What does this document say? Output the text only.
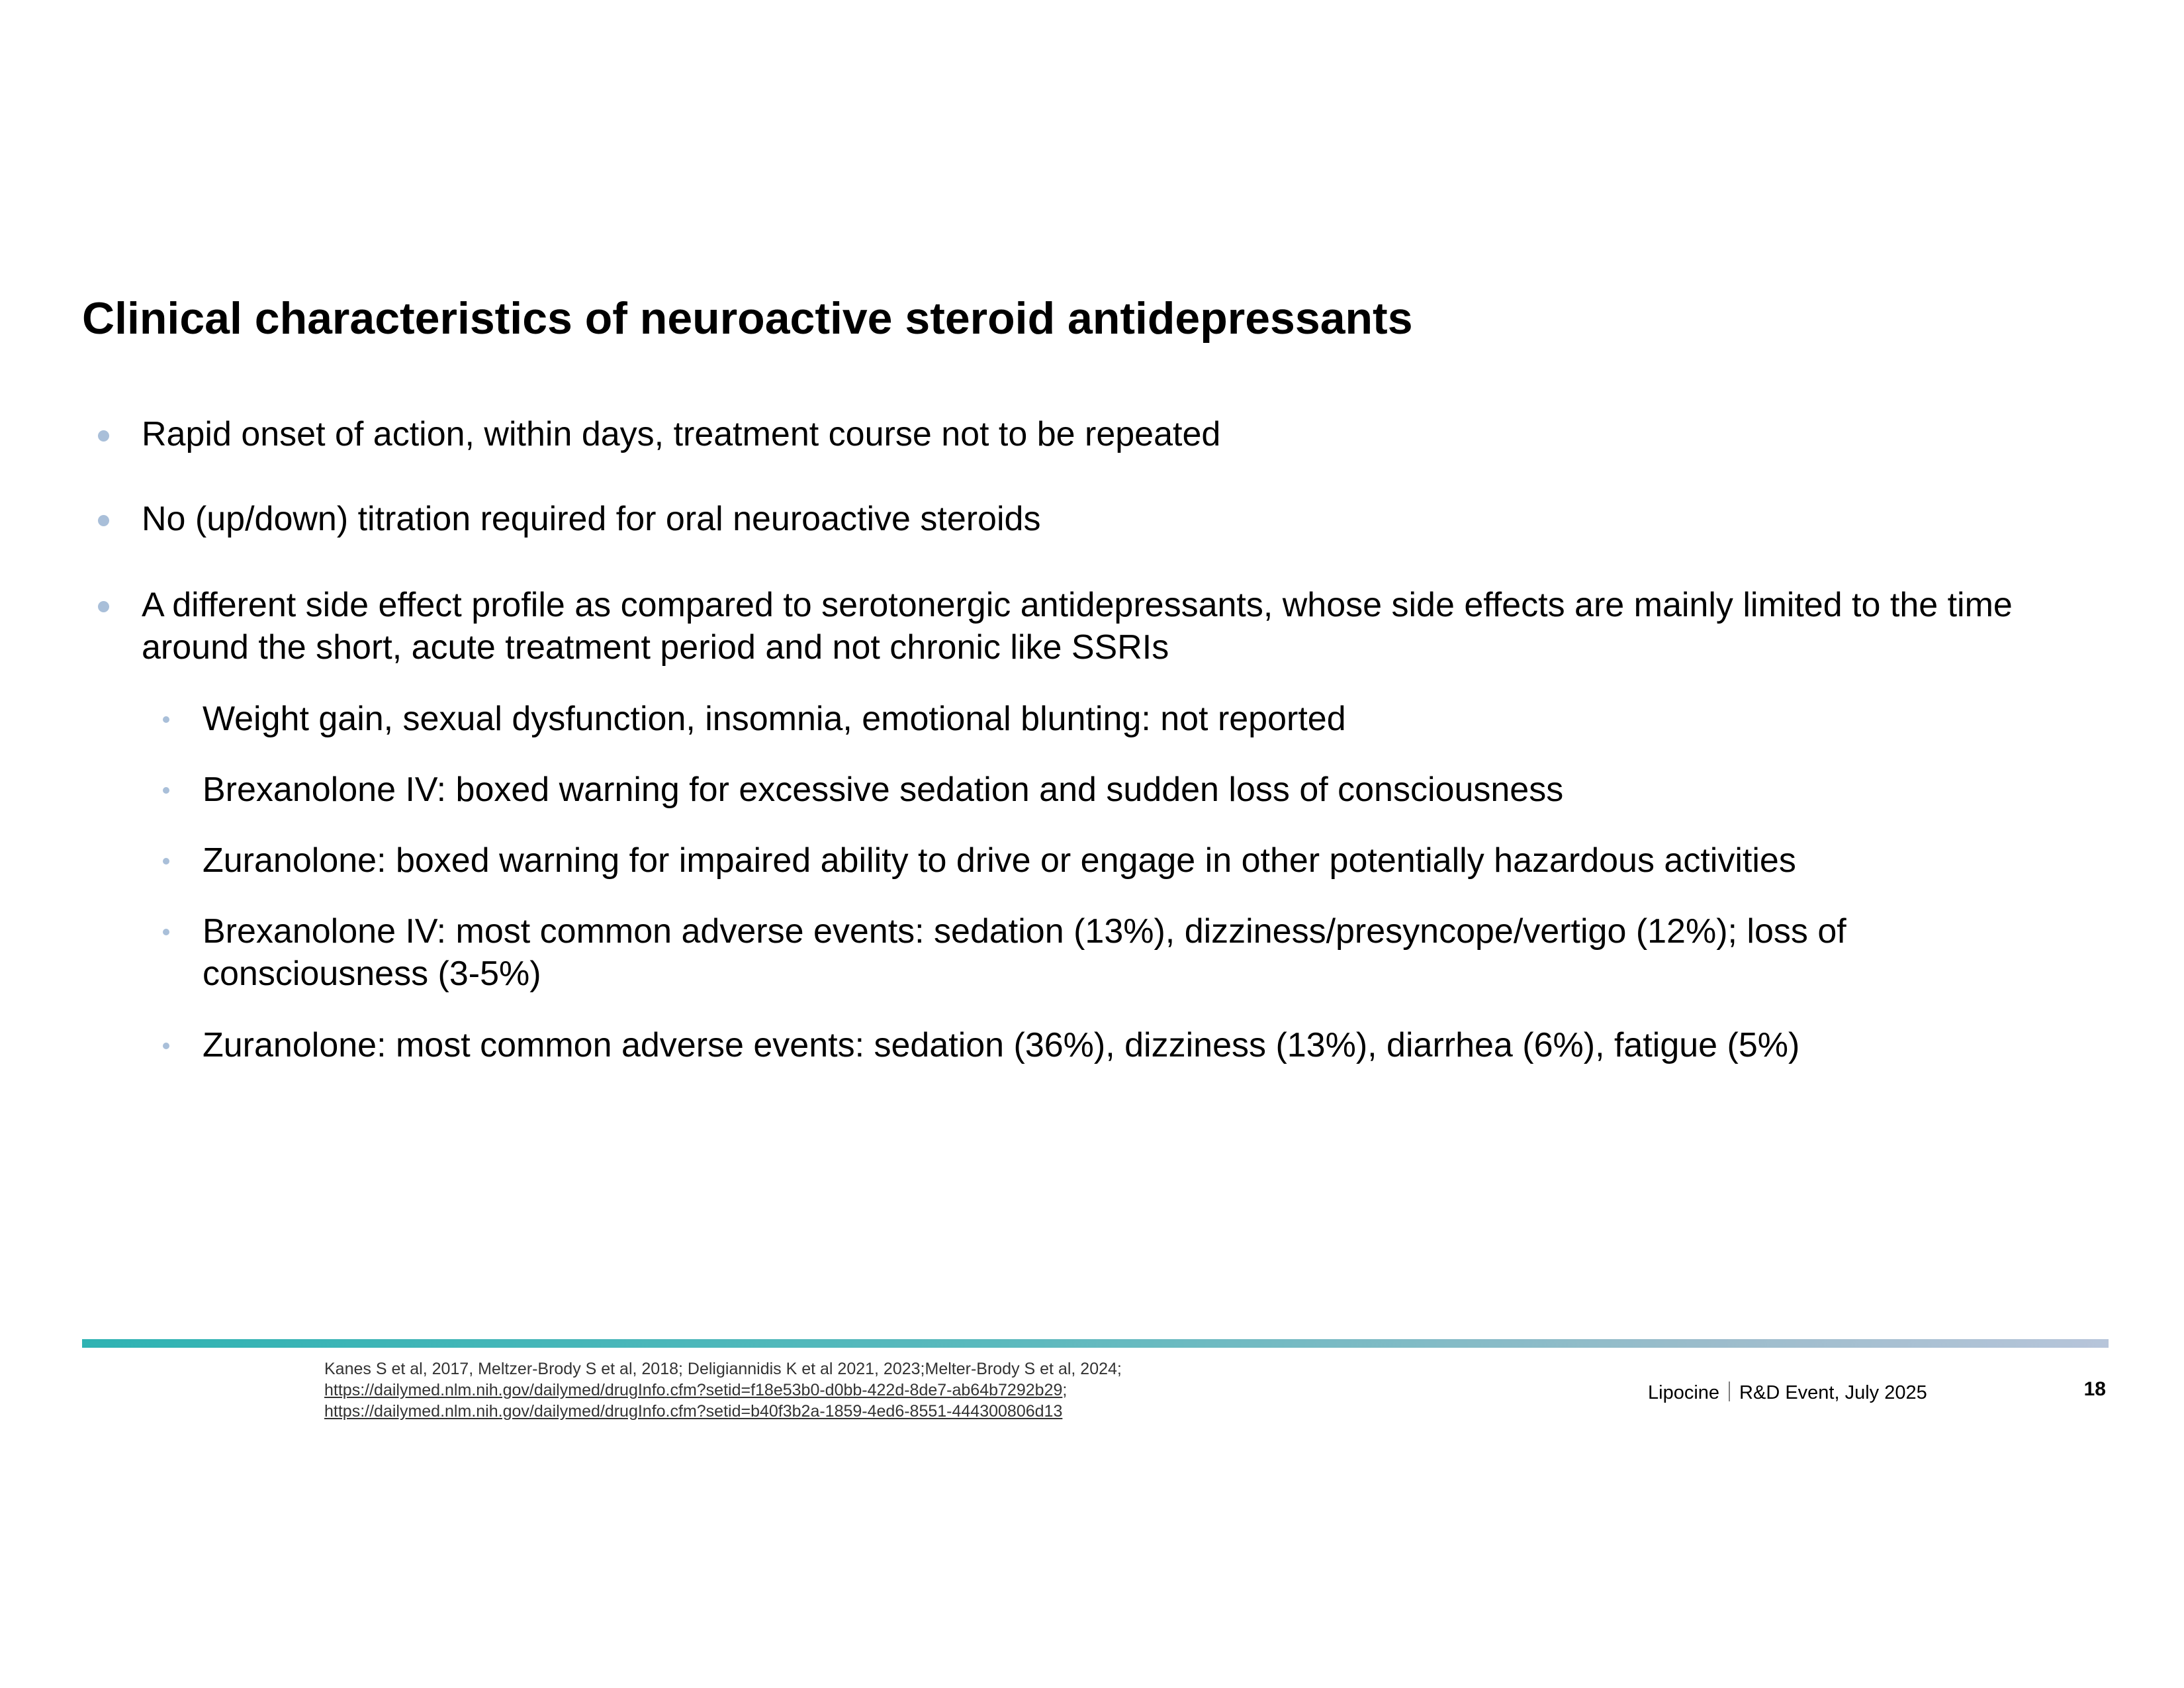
Clinical characteristics of neuroactive steroid antidepressants
Rapid onset of action, within days, treatment course not to be repeated
No (up/down) titration required for oral neuroactive steroids
A different side effect profile as compared to serotonergic antidepressants, whose side effects are mainly limited to the time around the short, acute treatment period and not chronic like SSRIs
Weight gain, sexual dysfunction, insomnia, emotional blunting: not reported
Brexanolone IV: boxed warning for excessive sedation and sudden loss of consciousness
Zuranolone: boxed warning for impaired ability to drive or engage in other potentially hazardous activities
Brexanolone IV: most common adverse events: sedation (13%), dizziness/presyncope/vertigo (12%); loss of consciousness (3-5%)
Zuranolone: most common adverse events: sedation (36%), dizziness (13%), diarrhea (6%), fatigue (5%)
Kanes S et al, 2017, Meltzer-Brody S et al, 2018; Deligiannidis K et al 2021, 2023;Melter-Brody S et al, 2024;
https://dailymed.nlm.nih.gov/dailymed/drugInfo.cfm?setid=f18e53b0-d0bb-422d-8de7-ab64b7292b29;
https://dailymed.nlm.nih.gov/dailymed/drugInfo.cfm?setid=b40f3b2a-1859-4ed6-8551-444300806d13
Lipocine R&D Event, July 2025	18
